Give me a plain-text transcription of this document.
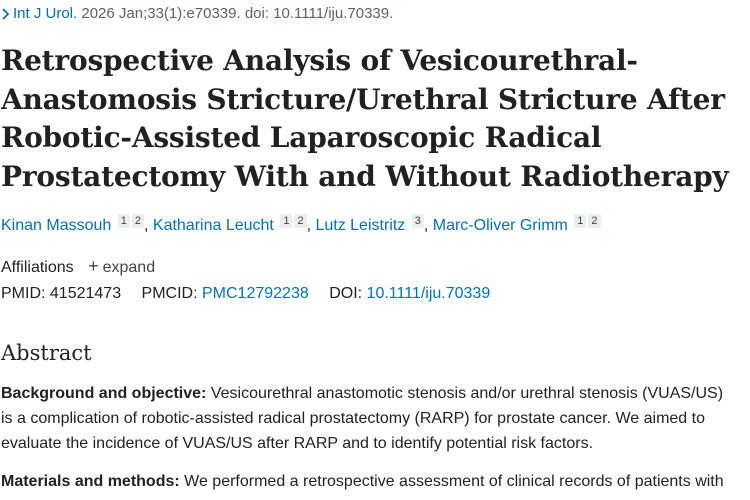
Int J Urol. 2026 Jan;33(1):e70339. doi: 10.1111/iju.70339.
Retrospective Analysis of Vesicourethral-
Anastomosis Stricture/Urethral Stricture After
Robotic-Assisted Laparoscopic Radical
Prostatectomy With and Without Radiotherapy
Kinan Massouh 1 2 , Katharina Leucht 1 2 , Lutz Leistritz 3 , Marc-Oliver Grimm 1 2
Affiliations + expand
PMID: 41521473 PMCID: PMC12792238 DOI: 10.1111/iju.70339
Abstract

Background and objective: Vesicourethral anastomotic stenosis and/or urethral stenosis (VUAS/US)
is a complication of robotic-assisted radical prostatectomy (RARP) for prostate cancer. We aimed to
evaluate the incidence of VUAS/US after RARP and to identify potential risk factors.

Materials and methods: We performed a retrospective assessment of clinical records of patients with
